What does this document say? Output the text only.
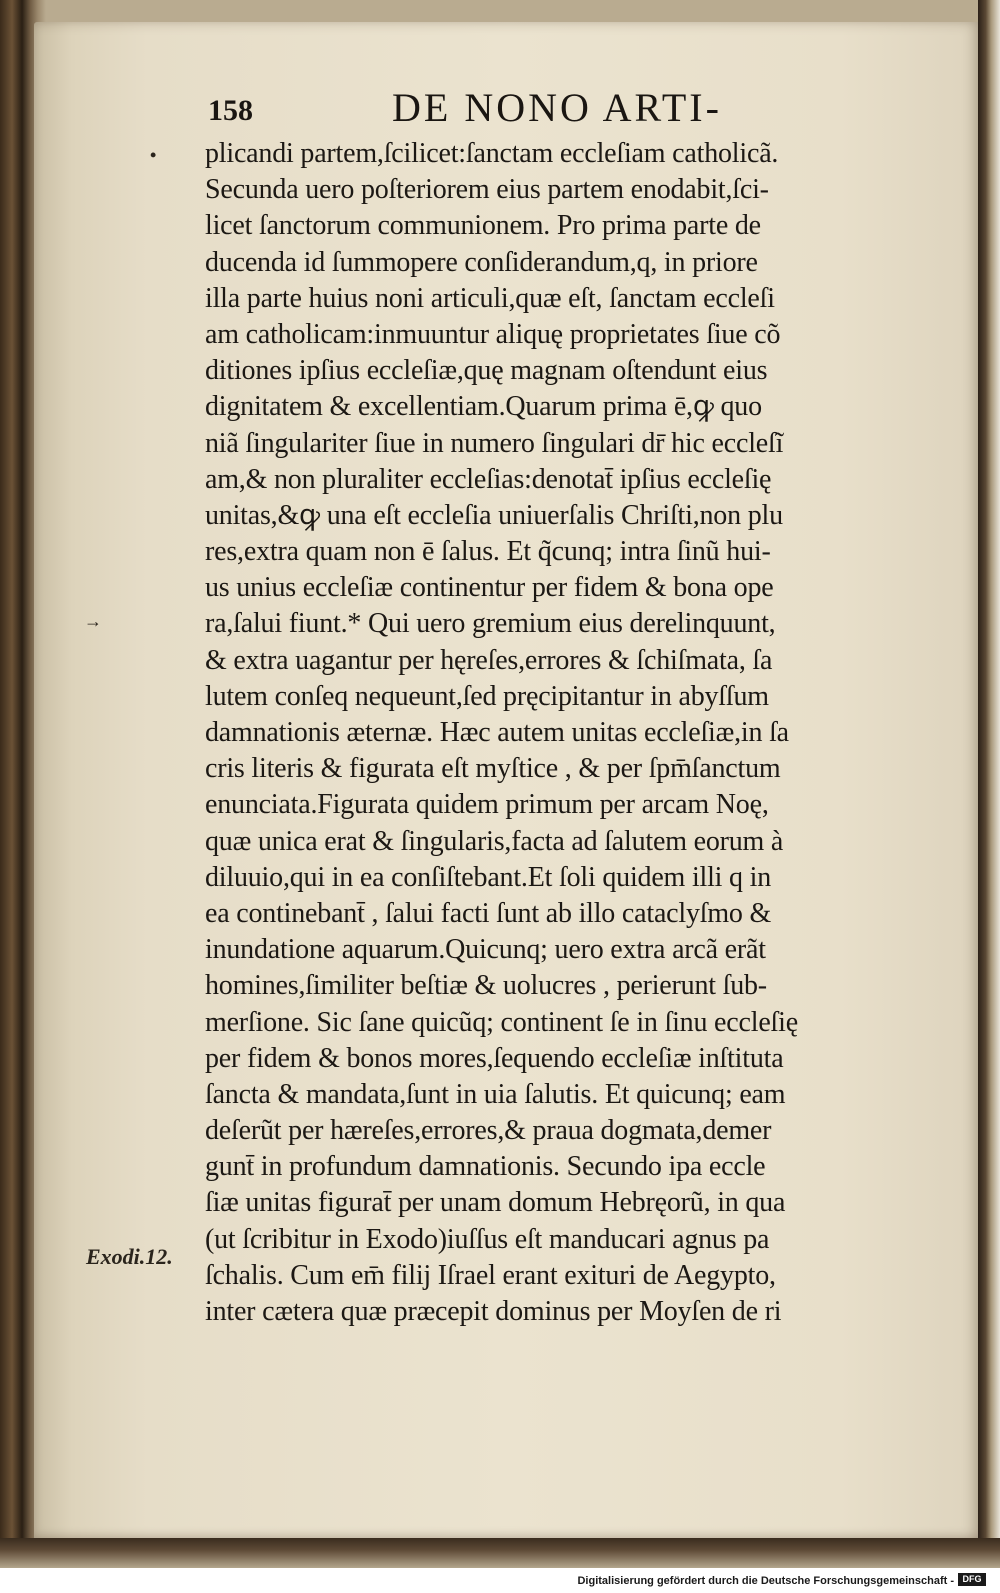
158	DE NONO ARTI-
•
→
Exodi.12.
plicandi partem,ſcilicet:ſanctam eccleſiam catholicã.
Secunda uero poſteriorem eius partem enodabit,ſci-
licet ſanctorum communionem. Pro prima parte de
ducenda id ſummopere conſiderandum,q, in priore
illa parte huius noni articuli,quæ eſt, ſanctam eccleſi
am catholicam:inmuuntur aliquę proprietates ſiue cõ
ditiones ipſius eccleſiæ,quę magnam oſtendunt eius
dignitatem & excellentiam.Quarum prima ē,ꝙ quo
niã ſingulariter ſiue in numero ſingulari dr̄ hic eccleſĩ
am,& non pluraliter eccleſias:denotat̄ ipſius eccleſię
unitas,&ꝙ una eſt eccleſia uniuerſalis Chriſti,non plu
res,extra quam non ē ſalus. Et q̃cunq; intra ſinũ hui-
us unius eccleſiæ continentur per fidem & bona ope
ra,ſalui fiunt.* Qui uero gremium eius derelinquunt,
& extra uagantur per hęreſes,errores & ſchiſmata, ſa
lutem conſeq nequeunt,ſed pręcipitantur in abyſſum
damnationis æternæ. Hæc autem unitas eccleſiæ,in ſa
cris literis & figurata eſt myſtice , & per ſpm̄ſanctum
enunciata.Figurata quidem primum per arcam Noę,
quæ unica erat & ſingularis,facta ad ſalutem eorum à
diluuio,qui in ea conſiſtebant.Et ſoli quidem illi q in
ea continebant̄ , ſalui facti ſunt ab illo cataclyſmo &
inundatione aquarum.Quicunq; uero extra arcã erãt
homines,ſimiliter beſtiæ & uolucres , perierunt ſub-
merſione. Sic ſane quicũq; continent ſe in ſinu eccleſię
per fidem & bonos mores,ſequendo eccleſiæ inſtituta
ſancta & mandata,ſunt in uia ſalutis. Et quicunq; eam
deſerũt per hæreſes,errores,& praua dogmata,demer
gunt̄ in profundum damnationis. Secundo ipa eccle
ſiæ unitas figurat̄ per unam domum Hebręorũ, in qua
(ut ſcribitur in Exodo)iuſſus eſt manducari agnus pa
ſchalis. Cum em̄ filij Iſrael erant exituri de Aegypto,
inter cætera quæ præcepit dominus per Moyſen de ri
Digitalisierung gefördert durch die Deutsche Forschungsgemeinschaft - DFG
